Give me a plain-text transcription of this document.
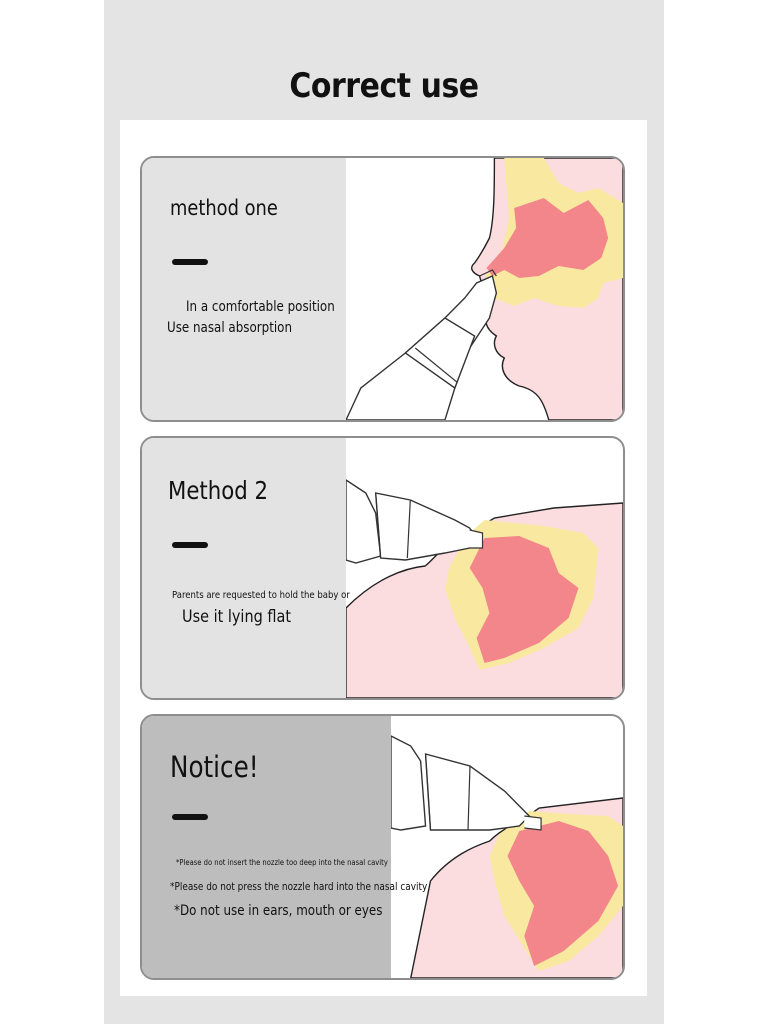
Correct use
method one
In a comfortable position
Use nasal absorption
Method 2
Parents are requested to hold the baby or
Use it lying flat
Notice!
*Please do not insert the nozzle too deep into the nasal cavity
*Please do not press the nozzle hard into the nasal cavity
*Do not use in ears, mouth or eyes
